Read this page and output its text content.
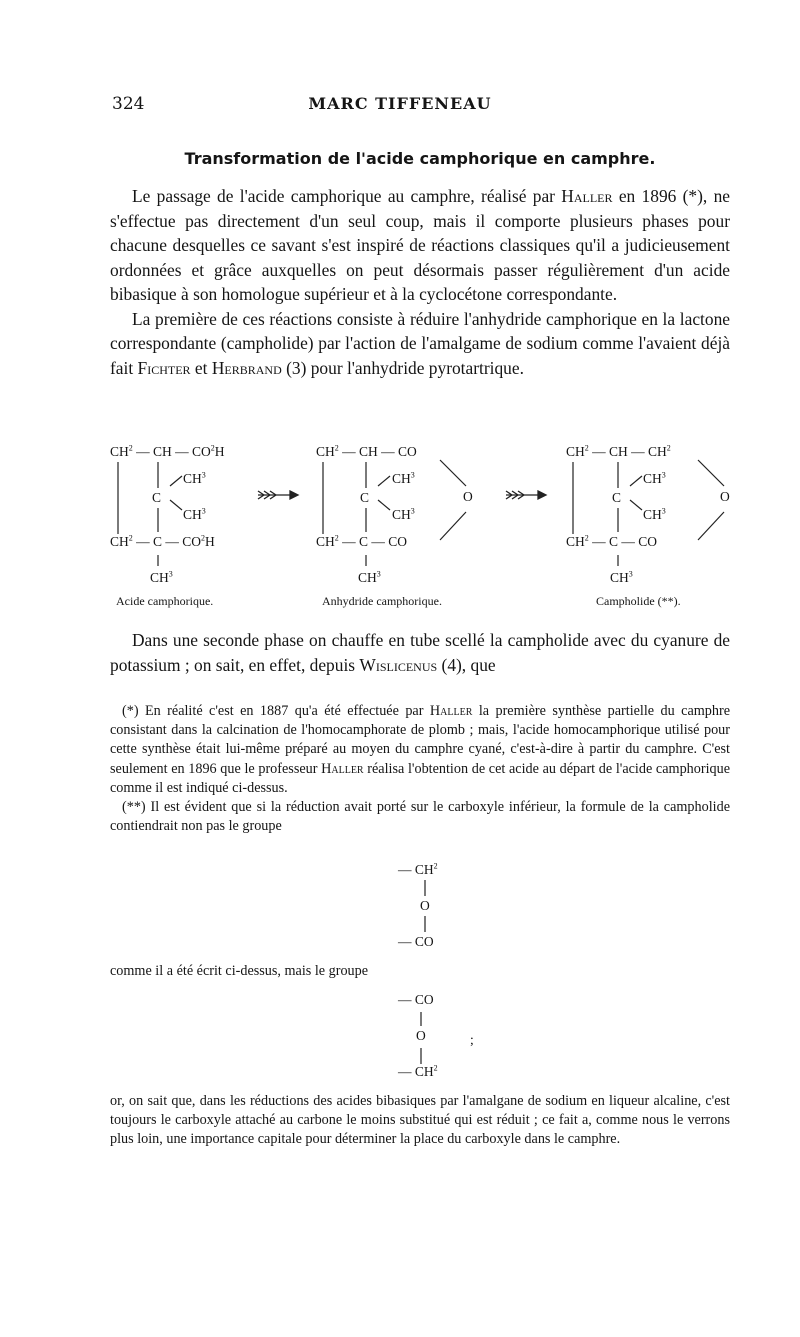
324	MARC TIFFENEAU
Transformation de l'acide camphorique en camphre.

Le passage de l'acide camphorique au camphre, réalisé par Haller en 1896 (*), ne s'effectue pas directement d'un seul coup, mais il comporte plusieurs phases pour chacune desquelles ce savant s'est inspiré de réactions classiques qu'il a judicieusement ordonnées et grâce auxquelles on peut désormais passer régulièrement d'un acide bibasique à son homologue supérieur et à la cyclocétone correspondante.

La première de ces réactions consiste à réduire l'anhydride camphorique en la lactone correspondante (campholide) par l'action de l'amalgame de sodium comme l'avaient déjà fait Fichter et Herbrand (3) pour l'anhydride pyrotartrique.

$CH^2$ — CH — $CO^2H$
$CH^3$
C
$CH^3$
$CH^2$ — C — $CO^2H$
$CH^3$
$CH^2$ — CH — CO
$CH^3$
C	O
$CH^3$
$CH^2$ — C — CO
$CH^3$
$CH^2$ — CH — $CH^2$
$CH^3$
C	O
$CH^3$
$CH^2$ — C — CO
$CH^3$
Acide camphorique.	Anhydride camphorique.	Campholide (**).

Dans une seconde phase on chauffe en tube scellé la campholide avec du cyanure de potassium ; on sait, en effet, depuis Wislicenus (4), que

(*) En réalité c'est en 1887 qu'a été effectuée par Haller la première synthèse partielle du camphre consistant dans la calcination de l'homocamphorate de plomb ; mais, l'acide homocamphorique utilisé pour cette synthèse était lui-même préparé au moyen du camphre cyané, c'est-à-dire à partir du camphre. C'est seulement en 1896 que le professeur Haller réalisa l'obtention de cet acide au départ de l'acide camphorique comme il est indiqué ci-dessus.

(**) Il est évident que si la réduction avait porté sur le carboxyle inférieur, la formule de la campholide contiendrait non pas le groupe

— $CH^2$
O
— CO

comme il a été écrit ci-dessus, mais le groupe

— CO
O	;
— $CH^2$

or, on sait que, dans les réductions des acides bibasiques par l'amalgane de sodium en liqueur alcaline, c'est toujours le carboxyle attaché au carbone le moins substitué qui est réduit ; ce fait a, comme nous le verrons plus loin, une importance capitale pour déterminer la place du carboxyle dans le camphre.
